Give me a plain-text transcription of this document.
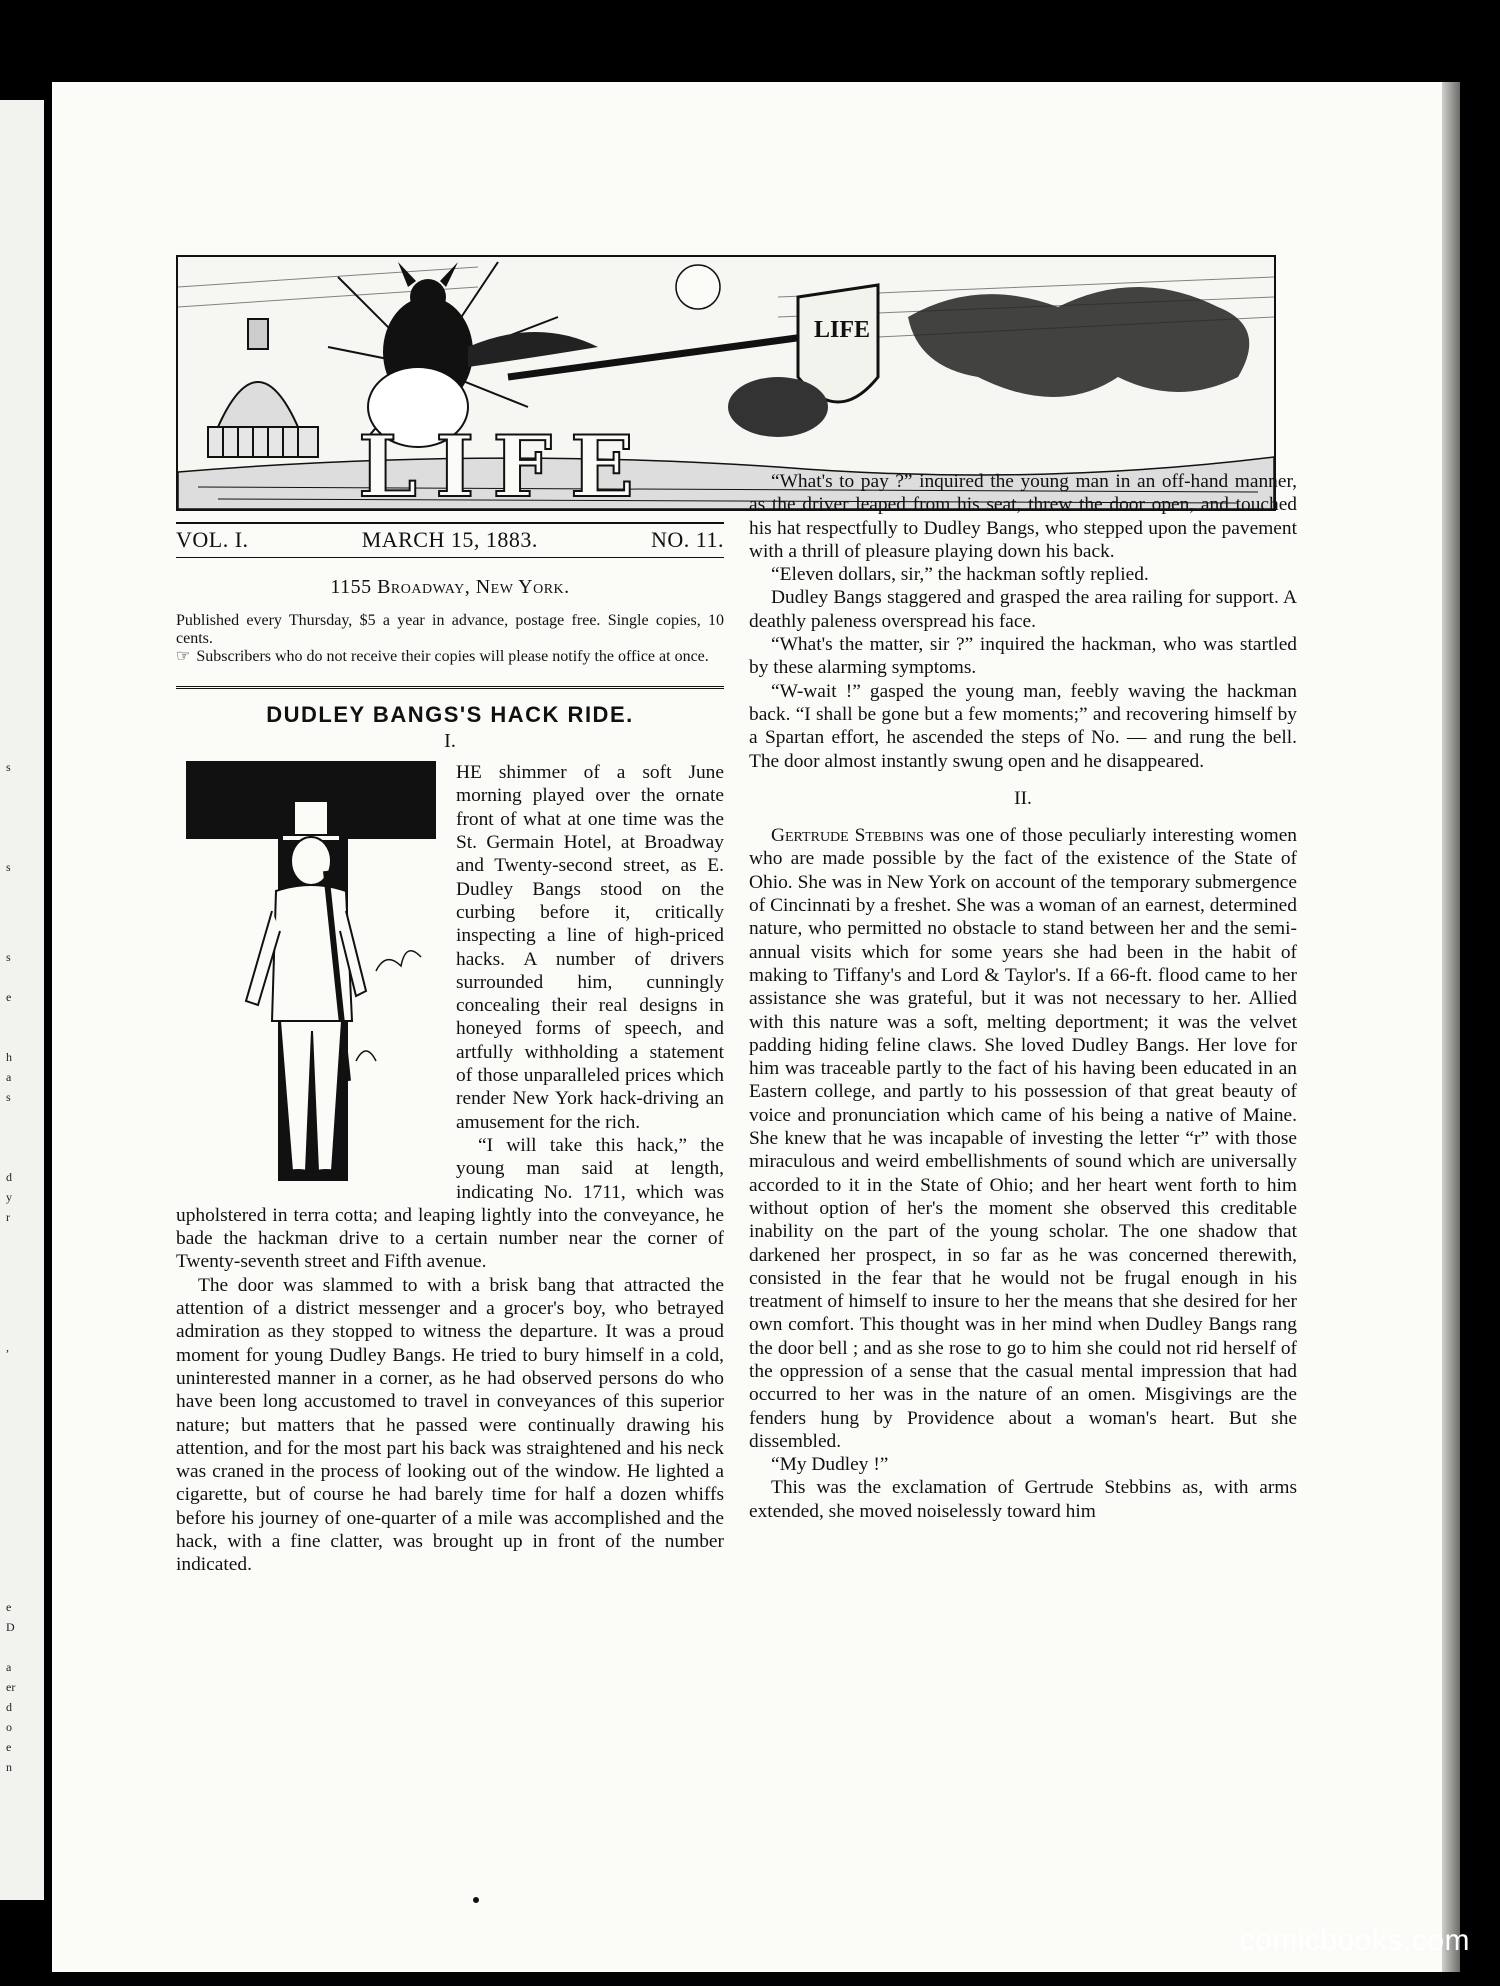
s
s
s
e
h
a
s
d
y
r
,
e
D
a
er
d
o
e
n
LIFE
LIFE
VOL. I.	MARCH 15, 1883.	NO. 11.
1155 Broadway, New York.

Published every Thursday, $5 a year in advance, postage free. Single copies, 10 cents.

☞ Subscribers who do not receive their copies will please notify the office at once.

DUDLEY BANGS'S HACK RIDE.
I.

HE shimmer of a soft June morning played over the ornate front of what at one time was the St. Germain Hotel, at Broadway and Twenty-second street, as E. Dudley Bangs stood on the curbing before it, critically inspecting a line of high-priced hacks. A number of drivers surrounded him, cunningly concealing their real designs in honeyed forms of speech, and artfully withholding a statement of those unparalleled prices which render New York hack-driving an amusement for the rich.

“I will take this hack,” the young man said at length, indicating No. 1711, which was upholstered in terra cotta; and leaping lightly into the conveyance, he bade the hackman drive to a certain number near the corner of Twenty-seventh street and Fifth avenue.

The door was slammed to with a brisk bang that attracted the attention of a district messenger and a grocer's boy, who betrayed admiration as they stopped to witness the departure. It was a proud moment for young Dudley Bangs. He tried to bury himself in a cold, uninterested manner in a corner, as he had observed persons do who have been long accustomed to travel in conveyances of this superior nature; but matters that he passed were continually drawing his attention, and for the most part his back was straightened and his neck was craned in the process of looking out of the window. He lighted a cigarette, but of course he had barely time for half a dozen whiffs before his journey of one-quarter of a mile was accomplished and the hack, with a fine clatter, was brought up in front of the number indicated.

“What's to pay ?” inquired the young man in an off-hand manner, as the driver leaped from his seat, threw the door open, and touched his hat respectfully to Dudley Bangs, who stepped upon the pavement with a thrill of pleasure playing down his back.

“Eleven dollars, sir,” the hackman softly replied.

Dudley Bangs staggered and grasped the area railing for support. A deathly paleness overspread his face.

“What's the matter, sir ?” inquired the hackman, who was startled by these alarming symptoms.

“W-wait !” gasped the young man, feebly waving the hackman back. “I shall be gone but a few moments;” and recovering himself by a Spartan effort, he ascended the steps of No. — and rung the bell. The door almost instantly swung open and he disappeared.

II.

Gertrude Stebbins was one of those peculiarly interesting women who are made possible by the fact of the existence of the State of Ohio. She was in New York on account of the temporary submergence of Cincinnati by a freshet. She was a woman of an earnest, determined nature, who permitted no obstacle to stand between her and the semi-annual visits which for some years she had been in the habit of making to Tiffany's and Lord & Taylor's. If a 66-ft. flood came to her assistance she was grateful, but it was not necessary to her. Allied with this nature was a soft, melting deportment; it was the velvet padding hiding feline claws. She loved Dudley Bangs. Her love for him was traceable partly to the fact of his having been educated in an Eastern college, and partly to his possession of that great beauty of voice and pronunciation which came of his being a native of Maine. She knew that he was incapable of investing the letter “r” with those miraculous and weird embellishments of sound which are universally accorded to it in the State of Ohio; and her heart went forth to him without option of her's the moment she observed this creditable inability on the part of the young scholar. The one shadow that darkened her prospect, in so far as he was concerned therewith, consisted in the fear that he would not be frugal enough in his treatment of himself to insure to her the means that she desired for her own comfort. This thought was in her mind when Dudley Bangs rang the door bell ; and as she rose to go to him she could not rid herself of the oppression of a sense that the casual mental impression that had occurred to her was in the nature of an omen. Misgivings are the fenders hung by Providence about a woman's heart. But she dissembled.

“My Dudley !”

This was the exclamation of Gertrude Stebbins as, with arms extended, she moved noiselessly toward him

comicbooks.com
